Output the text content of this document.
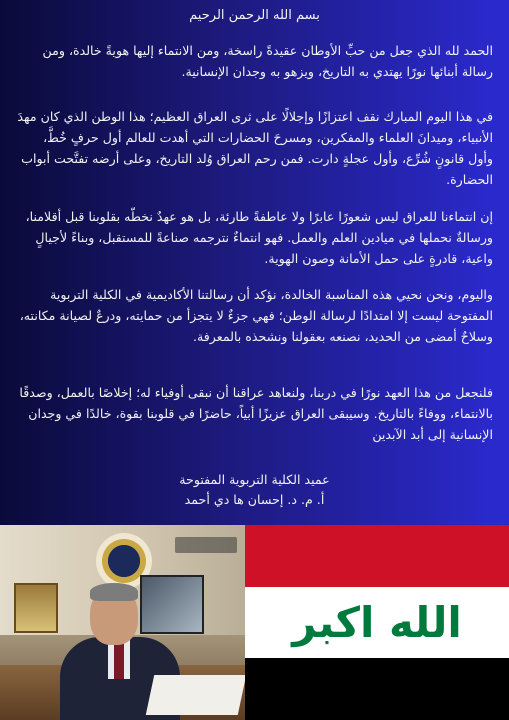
بسم الله الرحمن الرحيم

الحمد لله الذي جعل من حبِّ الأوطان عقيدةً راسخة، ومن الانتماء إليها هويةً خالدة، ومن رسالة أبنائها نورًا يهتدي به التاريخ، ويزهو به وجدان الإنسانية.

في هذا اليوم المبارك نقف اعتزازًا وإجلالًا على ثرى العراق العظيم؛ هذا الوطن الذي كان مهدَ الأنبياء، وميدانَ العلماء والمفكرين، ومسرحَ الحضارات التي أهدت للعالم أول حرفٍ خُطَّ، وأول قانونٍ شُرِّع، وأول عجلةٍ دارت. فمن رحم العراق وُلد التاريخ، وعلى أرضه تفتَّحت أبواب الحضارة.

إن انتماءنا للعراق ليس شعورًا عابرًا ولا عاطفةً طارئة، بل هو عهدٌ نخطّه بقلوبنا قبل أقلامنا، ورسالةٌ نحملها في ميادين العلم والعمل. فهو انتماءٌ نترجمه صناعةً للمستقبل، وبناءً لأجيالٍ واعية، قادرةٍ على حمل الأمانة وصون الهوية.

واليوم، ونحن نحيي هذه المناسبة الخالدة، نؤكد أن رسالتنا الأكاديمية في الكلية التربوية المفتوحة ليست إلا امتدادًا لرسالة الوطن؛ فهي جزءٌ لا يتجزأ من حمايته، ودرعٌ لصيانة مكانته، وسلاحٌ أمضى من الحديد، نصنعه بعقولنا ونشحذه بالمعرفة.

فلنجعل من هذا العهد نورًا في دربنا، ولنعاهد عراقنا أن نبقى أوفياء له؛ إخلاصًا بالعمل، وصدقًا بالانتماء، ووفاءً بالتاريخ. وسيبقى العراق عزيزًا أبياً، حاضرًا في قلوبنا بقوة، خالدًا في وجدان الإنسانية إلى أبد الآبدين

عميد الكلية التربوية المفتوحة
أ. م. د. إحسان ها دي أحمد
الله اكبر
